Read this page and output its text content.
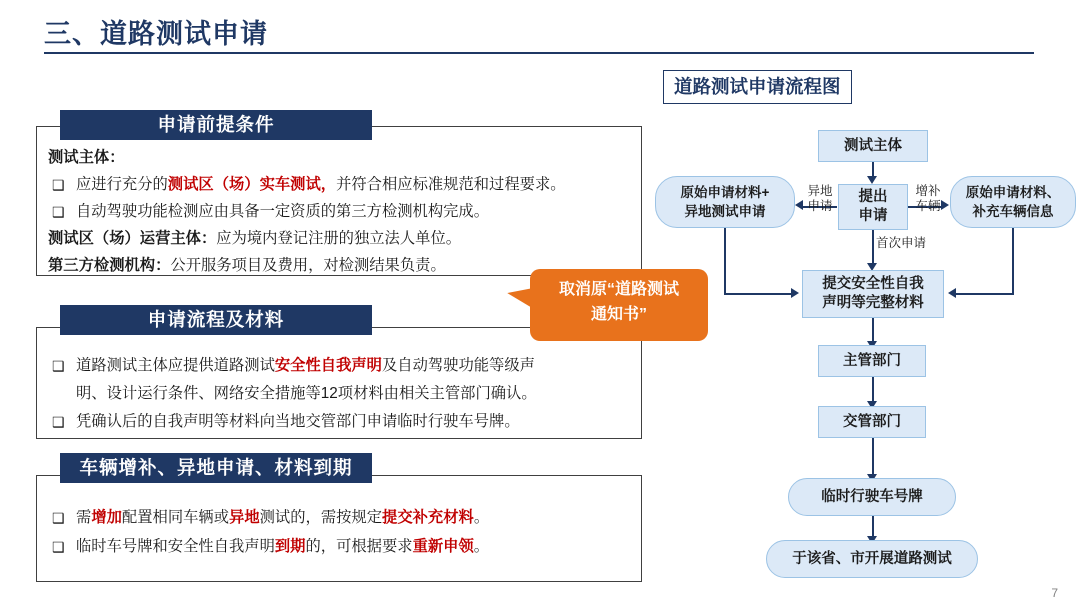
三、道路测试申请
申请前提条件
测试主体：
❑ 应进行充分的测试区（场）实车测试，并符合相应标准规范和过程要求。
❑ 自动驾驶功能检测应由具备一定资质的第三方检测机构完成。
测试区（场）运营主体：应为境内登记注册的独立法人单位。
第三方检测机构：公开服务项目及费用，对检测结果负责。
申请流程及材料
❑ 道路测试主体应提供道路测试安全性自我声明及自动驾驶功能等级声
明、设计运行条件、网络安全措施等12项材料由相关主管部门确认。
❑ 凭确认后的自我声明等材料向当地交管部门申请临时行驶车号牌。
车辆增补、异地申请、材料到期
❑ 需增加配置相同车辆或异地测试的，需按规定提交补充材料。
❑ 临时车号牌和安全性自我声明到期的，可根据要求重新申领。
取消原“道路测试
通知书”
道路测试申请流程图
测试主体
提出
申请
原始申请材料+
异地测试申请
原始申请材料、
补充车辆信息
异地
申请
增补
车辆
首次申请
提交安全性自我
声明等完整材料
主管部门
交管部门
临时行驶车号牌
于该省、市开展道路测试
7
